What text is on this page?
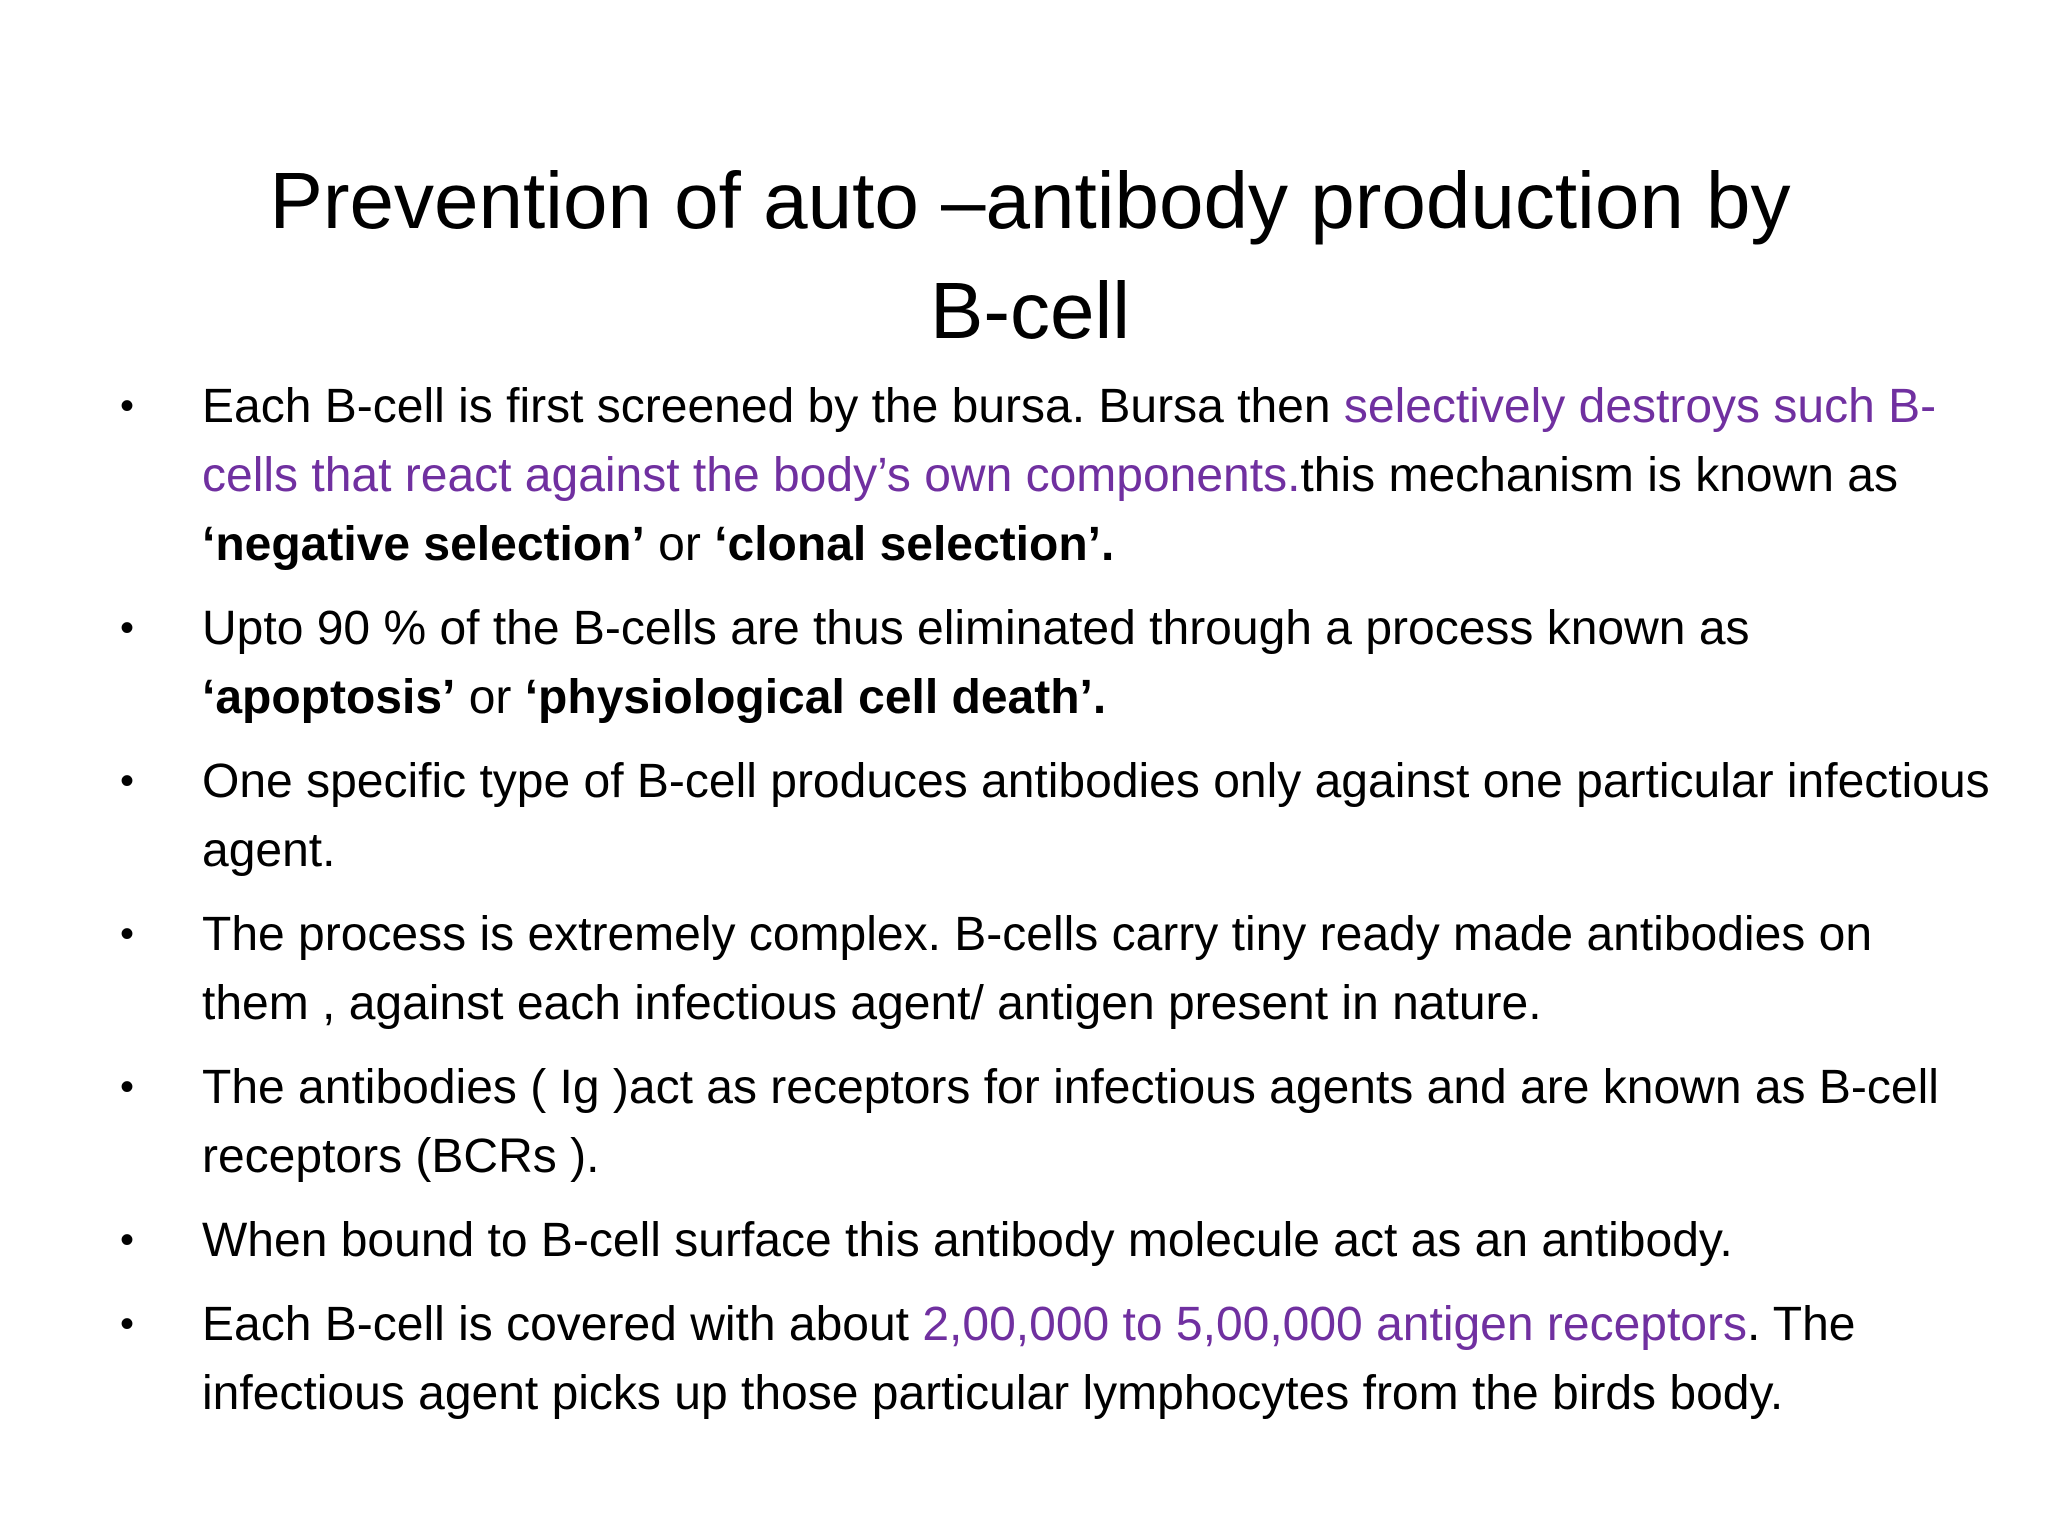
Prevention of auto –antibody production by
B-cell
• Each B-cell is first screened by the bursa. Bursa then selectively destroys such B-cells that react against the body’s own components.this mechanism is known as ‘negative selection’ or ‘clonal selection’.
• Upto 90 % of the B-cells are thus eliminated through a process known as ‘apoptosis’ or ‘physiological cell death’.
• One specific type of B-cell produces antibodies only against one particular infectious agent.
• The process is extremely complex. B-cells carry tiny ready made antibodies on them , against each infectious agent/ antigen present in nature.
• The antibodies ( Ig )act as receptors for infectious agents and are known as B-cell receptors (BCRs ).
• When bound to B-cell surface this antibody molecule act as an antibody.
• Each B-cell is covered with about 2,00,000 to 5,00,000 antigen receptors. The infectious agent picks up those particular lymphocytes from the birds body.
